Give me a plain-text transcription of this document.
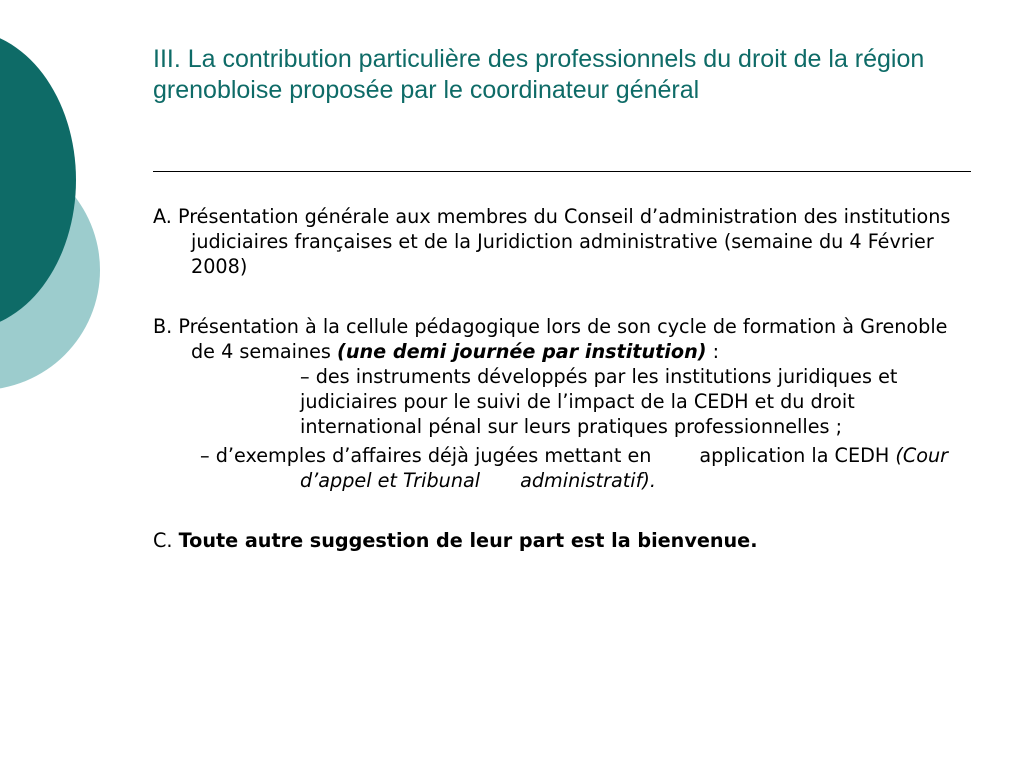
III. La contribution particulière des professionnels du droit de la région grenobloise proposée par le coordinateur général

A. Présentation générale aux membres du Conseil d’administration des institutions judiciaires françaises et de la Juridiction administrative (semaine du 4 Février 2008)

B. Présentation à la cellule pédagogique lors de son cycle de formation à Grenoble de 4 semaines (une demi journée par institution) :

– des instruments développés par les institutions juridiques et judiciaires pour le suivi de l’impact de la CEDH et du droit international pénal sur leurs pratiques professionnelles ;

– d’exemples d’affaires déjà jugées mettant en	application la CEDH (Cour d’appel et Tribunal administratif).

C. Toute autre suggestion de leur part est la bienvenue.
